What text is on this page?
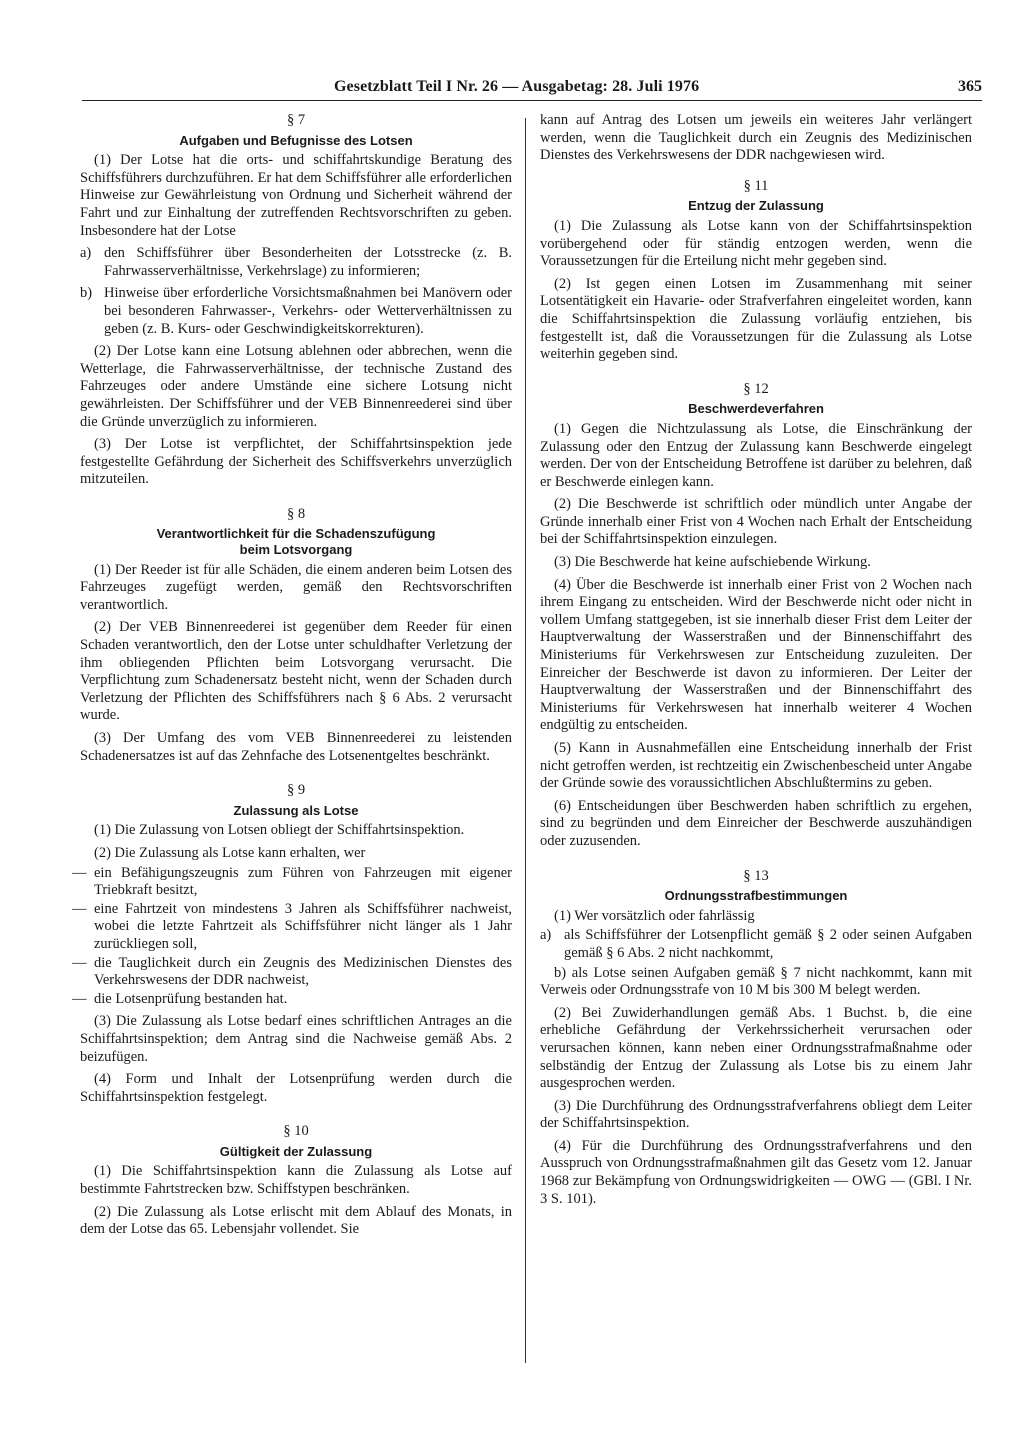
Gesetzblatt Teil I Nr. 26 — Ausgabetag: 28. Juli 1976	365

§ 7

Aufgaben und Befugnisse des Lotsen

(1) Der Lotse hat die orts- und schiffahrtskundige Beratung des Schiffsführers durchzuführen. Er hat dem Schiffsführer alle erforderlichen Hinweise zur Gewährleistung von Ordnung und Sicherheit während der Fahrt und zur Einhaltung der zutreffenden Rechtsvorschriften zu geben. Insbesondere hat der Lotse

a) den Schiffsführer über Besonderheiten der Lotsstrecke (z. B. Fahrwasserverhältnisse, Verkehrslage) zu informieren;
b) Hinweise über erforderliche Vorsichtsmaßnahmen bei Manövern oder bei besonderen Fahrwasser-, Verkehrs- oder Wetterverhältnissen zu geben (z. B. Kurs- oder Geschwindigkeitskorrekturen).

(2) Der Lotse kann eine Lotsung ablehnen oder abbrechen, wenn die Wetterlage, die Fahrwasserverhältnisse, der technische Zustand des Fahrzeuges oder andere Umstände eine sichere Lotsung nicht gewährleisten. Der Schiffsführer und der VEB Binnenreederei sind über die Gründe unverzüglich zu informieren.

(3) Der Lotse ist verpflichtet, der Schiffahrtsinspektion jede festgestellte Gefährdung der Sicherheit des Schiffsverkehrs unverzüglich mitzuteilen.

§ 8

Verantwortlichkeit für die Schadenszufügung

beim Lotsvorgang

(1) Der Reeder ist für alle Schäden, die einem anderen beim Lotsen des Fahrzeuges zugefügt werden, gemäß den Rechtsvorschriften verantwortlich.

(2) Der VEB Binnenreederei ist gegenüber dem Reeder für einen Schaden verantwortlich, den der Lotse unter schuldhafter Verletzung der ihm obliegenden Pflichten beim Lotsvorgang verursacht. Die Verpflichtung zum Schadenersatz besteht nicht, wenn der Schaden durch Verletzung der Pflichten des Schiffsführers nach § 6 Abs. 2 verursacht wurde.

(3) Der Umfang des vom VEB Binnenreederei zu leistenden Schadenersatzes ist auf das Zehnfache des Lotsenentgeltes beschränkt.

§ 9

Zulassung als Lotse

(1) Die Zulassung von Lotsen obliegt der Schiffahrtsinspektion.

(2) Die Zulassung als Lotse kann erhalten, wer

— ein Befähigungszeugnis zum Führen von Fahrzeugen mit eigener Triebkraft besitzt,
— eine Fahrtzeit von mindestens 3 Jahren als Schiffsführer nachweist, wobei die letzte Fahrtzeit als Schiffsführer nicht länger als 1 Jahr zurückliegen soll,
— die Tauglichkeit durch ein Zeugnis des Medizinischen Dienstes des Verkehrswesens der DDR nachweist,
— die Lotsenprüfung bestanden hat.

(3) Die Zulassung als Lotse bedarf eines schriftlichen Antrages an die Schiffahrtsinspektion; dem Antrag sind die Nachweise gemäß Abs. 2 beizufügen.

(4) Form und Inhalt der Lotsenprüfung werden durch die Schiffahrtsinspektion festgelegt.

§ 10

Gültigkeit der Zulassung

(1) Die Schiffahrtsinspektion kann die Zulassung als Lotse auf bestimmte Fahrtstrecken bzw. Schiffstypen beschränken.

(2) Die Zulassung als Lotse erlischt mit dem Ablauf des Monats, in dem der Lotse das 65. Lebensjahr vollendet. Sie

kann auf Antrag des Lotsen um jeweils ein weiteres Jahr verlängert werden, wenn die Tauglichkeit durch ein Zeugnis des Medizinischen Dienstes des Verkehrswesens der DDR nachgewiesen wird.

§ 11

Entzug der Zulassung

(1) Die Zulassung als Lotse kann von der Schiffahrtsinspektion vorübergehend oder für ständig entzogen werden, wenn die Voraussetzungen für die Erteilung nicht mehr gegeben sind.

(2) Ist gegen einen Lotsen im Zusammenhang mit seiner Lotsentätigkeit ein Havarie- oder Strafverfahren eingeleitet worden, kann die Schiffahrtsinspektion die Zulassung vorläufig entziehen, bis festgestellt ist, daß die Voraussetzungen für die Zulassung als Lotse weiterhin gegeben sind.

§ 12

Beschwerdeverfahren

(1) Gegen die Nichtzulassung als Lotse, die Einschränkung der Zulassung oder den Entzug der Zulassung kann Beschwerde eingelegt werden. Der von der Entscheidung Betroffene ist darüber zu belehren, daß er Beschwerde einlegen kann.

(2) Die Beschwerde ist schriftlich oder mündlich unter Angabe der Gründe innerhalb einer Frist von 4 Wochen nach Erhalt der Entscheidung bei der Schiffahrtsinspektion einzulegen.

(3) Die Beschwerde hat keine aufschiebende Wirkung.

(4) Über die Beschwerde ist innerhalb einer Frist von 2 Wochen nach ihrem Eingang zu entscheiden. Wird der Beschwerde nicht oder nicht in vollem Umfang stattgegeben, ist sie innerhalb dieser Frist dem Leiter der Hauptverwaltung der Wasserstraßen und der Binnenschiffahrt des Ministeriums für Verkehrswesen zur Entscheidung zuzuleiten. Der Einreicher der Beschwerde ist davon zu informieren. Der Leiter der Hauptverwaltung der Wasserstraßen und der Binnenschiffahrt des Ministeriums für Verkehrswesen hat innerhalb weiterer 4 Wochen endgültig zu entscheiden.

(5) Kann in Ausnahmefällen eine Entscheidung innerhalb der Frist nicht getroffen werden, ist rechtzeitig ein Zwischenbescheid unter Angabe der Gründe sowie des voraussichtlichen Abschlußtermins zu geben.

(6) Entscheidungen über Beschwerden haben schriftlich zu ergehen, sind zu begründen und dem Einreicher der Beschwerde auszuhändigen oder zuzusenden.

§ 13

Ordnungsstrafbestimmungen

(1) Wer vorsätzlich oder fahrlässig

a) als Schiffsführer der Lotsenpflicht gemäß § 2 oder seinen Aufgaben gemäß § 6 Abs. 2 nicht nachkommt,

b) als Lotse seinen Aufgaben gemäß § 7 nicht nachkommt, kann mit Verweis oder Ordnungsstrafe von 10 M bis 300 M belegt werden.

(2) Bei Zuwiderhandlungen gemäß Abs. 1 Buchst. b, die eine erhebliche Gefährdung der Verkehrssicherheit verursachen oder verursachen können, kann neben einer Ordnungsstrafmaßnahme oder selbständig der Entzug der Zulassung als Lotse bis zu einem Jahr ausgesprochen werden.

(3) Die Durchführung des Ordnungsstrafverfahrens obliegt dem Leiter der Schiffahrtsinspektion.

(4) Für die Durchführung des Ordnungsstrafverfahrens und den Ausspruch von Ordnungsstrafmaßnahmen gilt das Gesetz vom 12. Januar 1968 zur Bekämpfung von Ordnungswidrigkeiten — OWG — (GBl. I Nr. 3 S. 101).
